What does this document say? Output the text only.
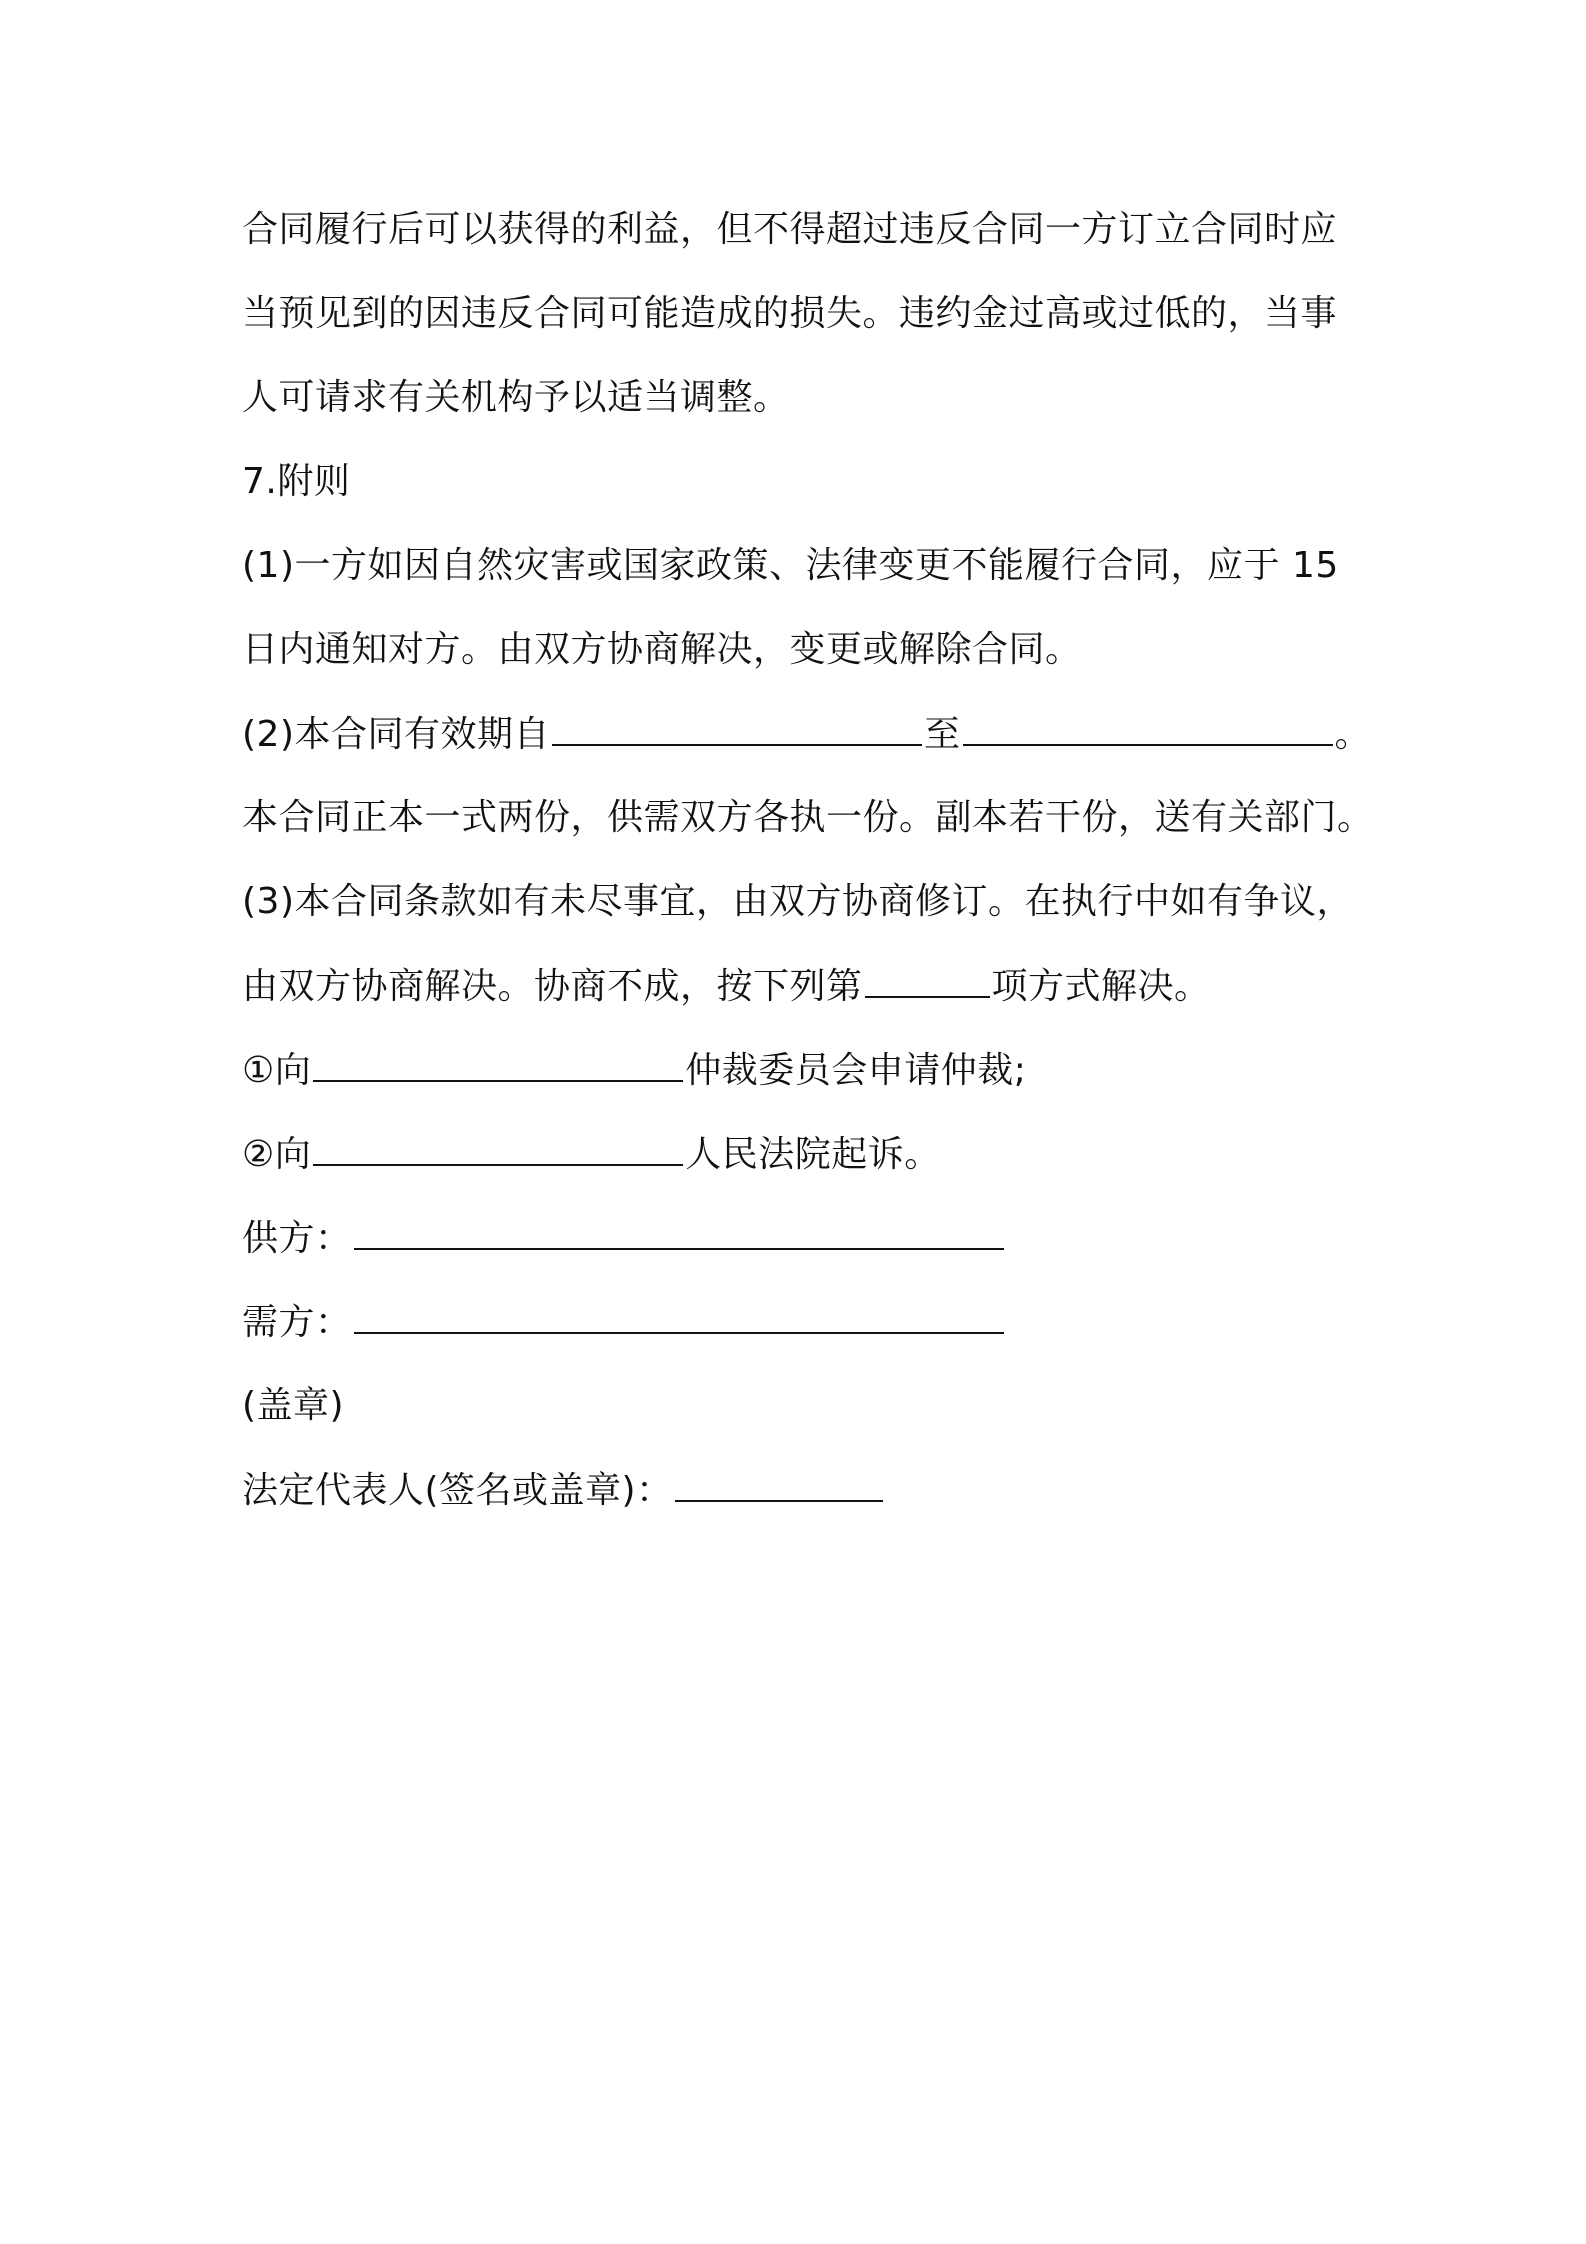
合同履行后可以获得的利益，但不得超过违反合同一方订立合同时应
当预见到的因违反合同可能造成的损失。违约金过高或过低的，当事
人可请求有关机构予以适当调整。
7.附则
(1)一方如因自然灾害或国家政策、法律变更不能履行合同，应于 15
日内通知对方。由双方协商解决，变更或解除合同。
(2)本合同有效期自	至	。
本合同正本一式两份，供需双方各执一份。副本若干份，送有关部门。
(3)本合同条款如有未尽事宜，由双方协商修订。在执行中如有争议，
由双方协商解决。协商不成，按下列第	项方式解决。
①向	仲裁委员会申请仲裁;
②向	人民法院起诉。
供方：
需方：
(盖章)
法定代表人(签名或盖章)：
